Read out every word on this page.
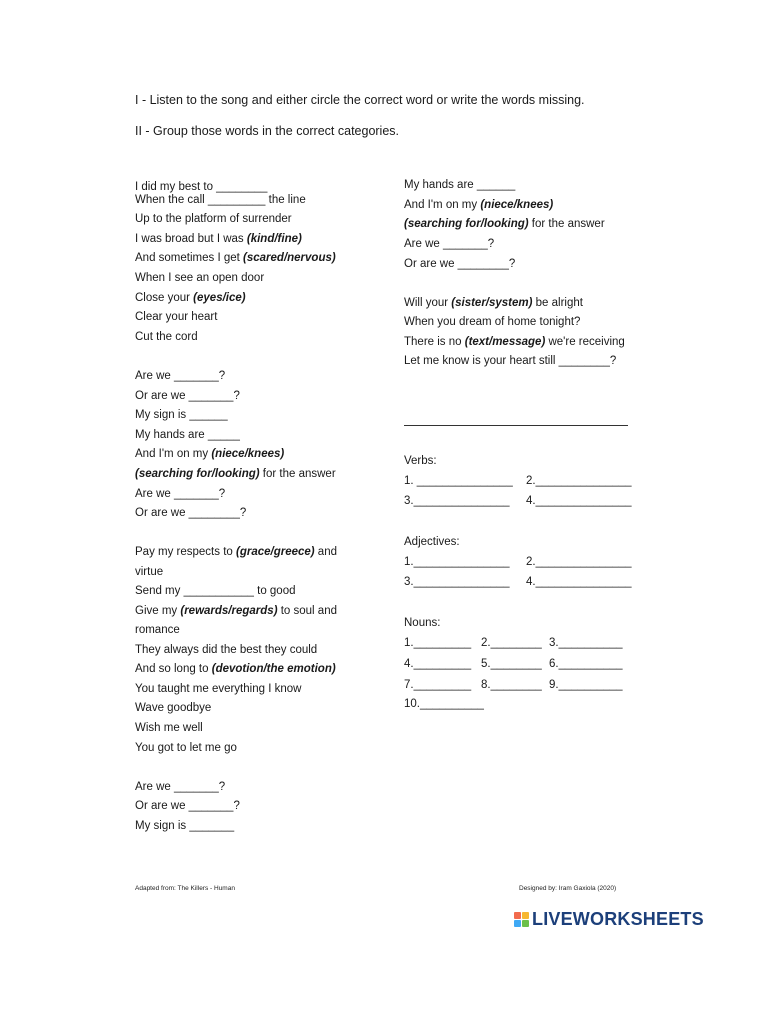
I - Listen to the song and either circle the correct word or write the words missing.
II - Group those words in the correct categories.
I did my best to ________
When the call _________ the line
Up to the platform of surrender
I was broad but I was (kind/fine)
And sometimes I get (scared/nervous)
When I see an open door
Close your (eyes/ice)
Clear your heart
Cut the cord
Are we _______?
Or are we _______?
My sign is ______
My hands are _____
And I'm on my (niece/knees)
(searching for/looking) for the answer
Are we _______?
Or are we ________?
Pay my respects to (grace/greece) and
virtue
Send my ___________ to good
Give my (rewards/regards) to soul and
romance
They always did the best they could
And so long to (devotion/the emotion)
You taught me everything I know
Wave goodbye
Wish me well
You got to let me go
Are we _______?
Or are we _______?
My sign is _______
My hands are ______
And I'm on my (niece/knees)
(searching for/looking) for the answer
Are we _______?
Or are we ________?
Will your (sister/system) be alright
When you dream of home tonight?
There is no (text/message) we're receiving
Let me know is your heart still ________?
Verbs:
1. _______________ 2._______________
3._______________ 4._______________
Adjectives:
1._______________ 2._______________
3._______________ 4._______________
Nouns:
1._________ 2.________ 3.__________
4._________ 5.________ 6.__________
7._________ 8.________ 9.__________
10.__________
Adapted from: The Killers - Human	Designed by: Iram Gaxiola (2020)
LIVEWORKSHEETS
